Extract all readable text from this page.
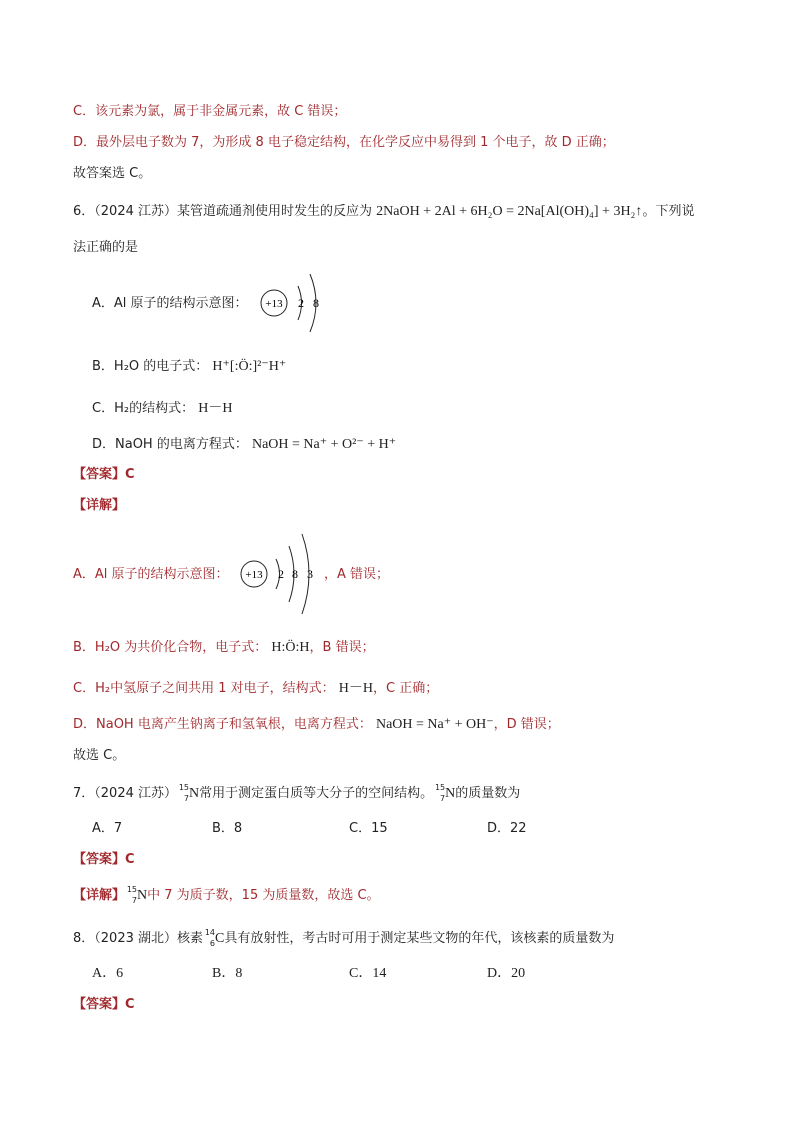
C．该元素为氯，属于非金属元素，故 C 错误；
D．最外层电子数为 7，为形成 8 电子稳定结构，在化学反应中易得到 1 个电子，故 D 正确；
故答案选 C。
6．（2024 江苏）某管道疏通剂使用时发生的反应为 2NaOH + 2Al + 6H₂O = 2Na[Al(OH)₄] + 3H₂↑。下列说
法正确的是
A．Al 原子的结构示意图： +13 2 8
B．H₂O 的电子式： H⁺[:Ö:]²⁻H⁺
C．H₂的结构式： H－H
D．NaOH 的电离方程式： NaOH = Na⁺ + O²⁻ + H⁺
【答案】C
【详解】
A．Al 原子的结构示意图： +13 2 8 3 ，A 错误；
B．H₂O 为共价化合物，电子式： H:Ö:H，B 错误；
C．H₂中氢原子之间共用 1 对电子，结构式： H－H，C 正确；
D．NaOH 电离产生钠离子和氢氧根，电离方程式： NaOH = Na⁺ + OH⁻，D 错误；
故选 C。
7．（2024 江苏） 15
7 N常用于测定蛋白质等大分子的空间结构。 15
7 N的质量数为
A．7	B．8	C．15	D．22
【答案】C
【详解】 15
7 N中 7 为质子数，15 为质量数，故选 C。
8．（2023 湖北）核素 14
6 C具有放射性，考古时可用于测定某些文物的年代，该核素的质量数为
A．6	B．8	C．14	D．20
【答案】C
